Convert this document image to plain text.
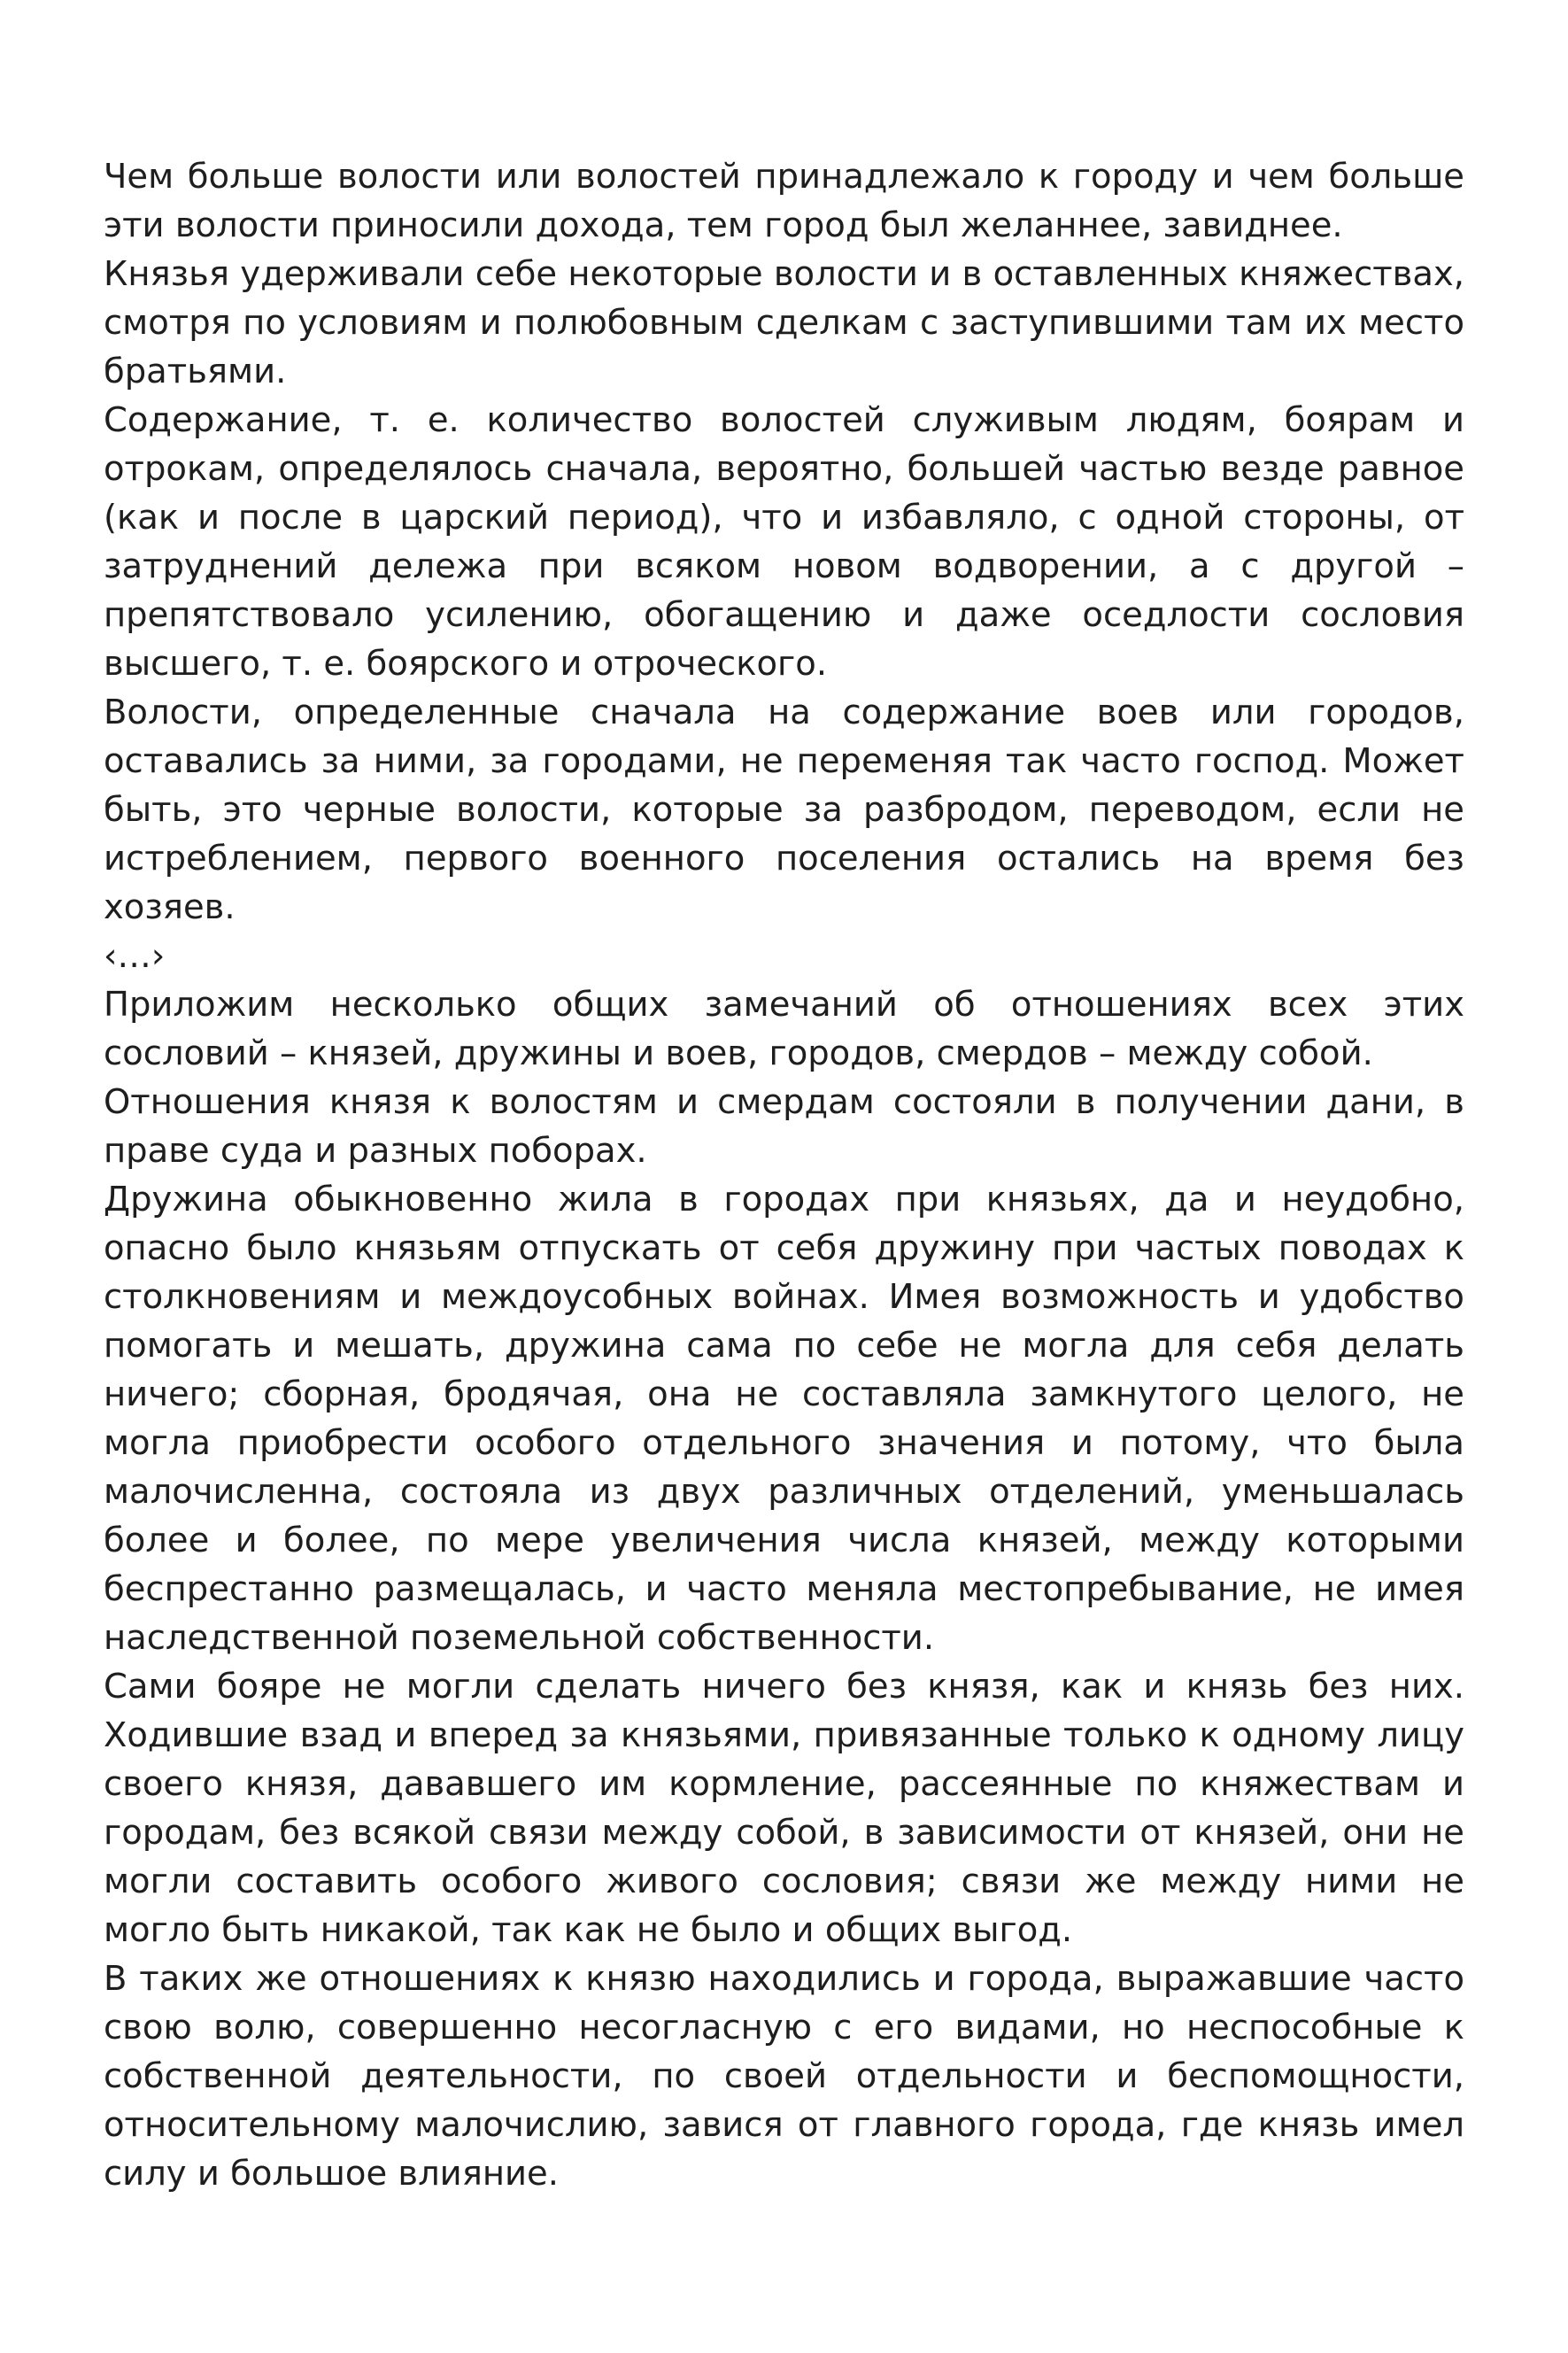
Чем больше волости или волостей принадлежало к городу и чем больше эти волости приносили дохода, тем город был желаннее, завиднее.

Князья удерживали себе некоторые волости и в оставленных княжествах, смотря по условиям и полюбовным сделкам с заступившими там их место братьями.

Содержание, т. е. количество волостей служивым людям, боярам и отрокам, определялось сначала, вероятно, большей частью везде равное (как и после в царский период), что и избавляло, с одной стороны, от затруднений дележа при всяком новом водворении, а с другой – препятствовало усилению, обогащению и даже оседлости сословия высшего, т. е. боярского и отроческого.

Волости, определенные сначала на содержание воев или городов, оставались за ними, за городами, не переменяя так часто господ. Может быть, это черные волости, которые за разбродом, переводом, если не истреблением, первого военного поселения остались на время без хозяев.

‹…›

Приложим несколько общих замечаний об отношениях всех этих сословий – князей, дружины и воев, городов, смердов – между собой.

Отношения князя к волостям и смердам состояли в получении дани, в праве суда и разных поборах.

Дружина обыкновенно жила в городах при князьях, да и неудобно, опасно было князьям отпускать от себя дружину при частых поводах к столкновениям и междоусобных войнах. Имея возможность и удобство помогать и мешать, дружина сама по себе не могла для себя делать ничего; сборная, бродячая, она не составляла замкнутого целого, не могла приобрести особого отдельного значения и потому, что была малочисленна, состояла из двух различных отделений, уменьшалась более и более, по мере увеличения числа князей, между которыми беспрестанно размещалась, и часто меняла местопребывание, не имея наследственной поземельной собственности.

Сами бояре не могли сделать ничего без князя, как и князь без них. Ходившие взад и вперед за князьями, привязанные только к одному лицу своего князя, дававшего им кормление, рассеянные по княжествам и городам, без всякой связи между собой, в зависимости от князей, они не могли составить особого живого сословия; связи же между ними не могло быть никакой, так как не было и общих выгод.

В таких же отношениях к князю находились и города, выражавшие часто свою волю, совершенно несогласную с его видами, но неспособные к собственной деятельности, по своей отдельности и беспомощности, относительному малочислию, завися от главного города, где князь имел силу и большое влияние.
